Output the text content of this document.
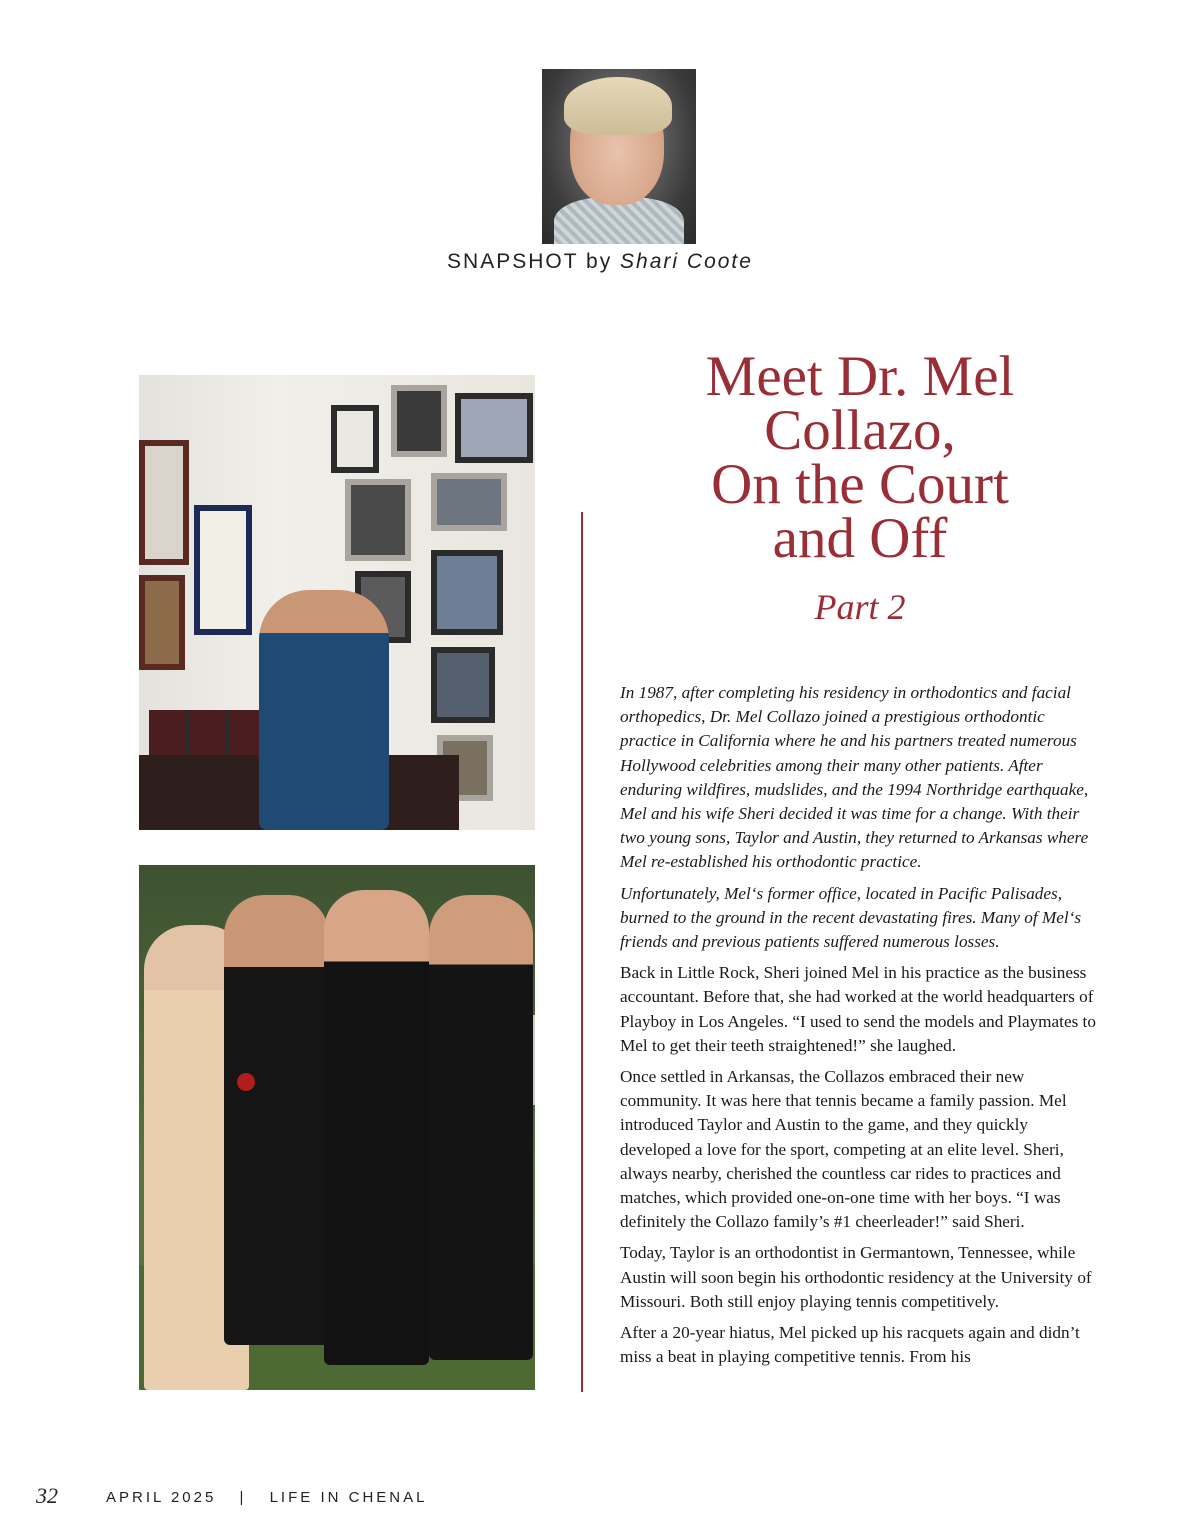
SNAPSHOT by Shari Coote
Meet Dr. Mel
Collazo,
On the Court
and Off
Part 2

In 1987, after completing his residency in orthodontics and facial orthopedics, Dr. Mel Collazo joined a prestigious orthodontic practice in California where he and his partners treated numerous Hollywood celebrities among their many other patients. After enduring wildfires, mudslides, and the 1994 Northridge earthquake, Mel and his wife Sheri decided it was time for a change. With their two young sons, Taylor and Austin, they returned to Arkansas where Mel re-established his orthodontic practice.

Unfortunately, Mel‘s former office, located in Pacific Palisades, burned to the ground in the recent devastating fires. Many of Mel‘s friends and previous patients suffered numerous losses.

Back in Little Rock, Sheri joined Mel in his practice as the business accountant. Before that, she had worked at the world headquarters of Playboy in Los Angeles. “I used to send the models and Playmates to Mel to get their teeth straightened!” she laughed.

Once settled in Arkansas, the Collazos embraced their new community. It was here that tennis became a family passion. Mel introduced Taylor and Austin to the game, and they quickly developed a love for the sport, competing at an elite level. Sheri, always nearby, cherished the countless car rides to practices and matches, which provided one-on-one time with her boys. “I was definitely the Collazo family’s #1 cheerleader!” said Sheri.

Today, Taylor is an orthodontist in Germantown, Tennessee, while Austin will soon begin his orthodontic residency at the University of Missouri. Both still enjoy playing tennis competitively.

After a 20-year hiatus, Mel picked up his racquets again and didn’t miss a beat in playing competitive tennis. From his

32	APRIL 2025 | LIFE IN CHENAL
